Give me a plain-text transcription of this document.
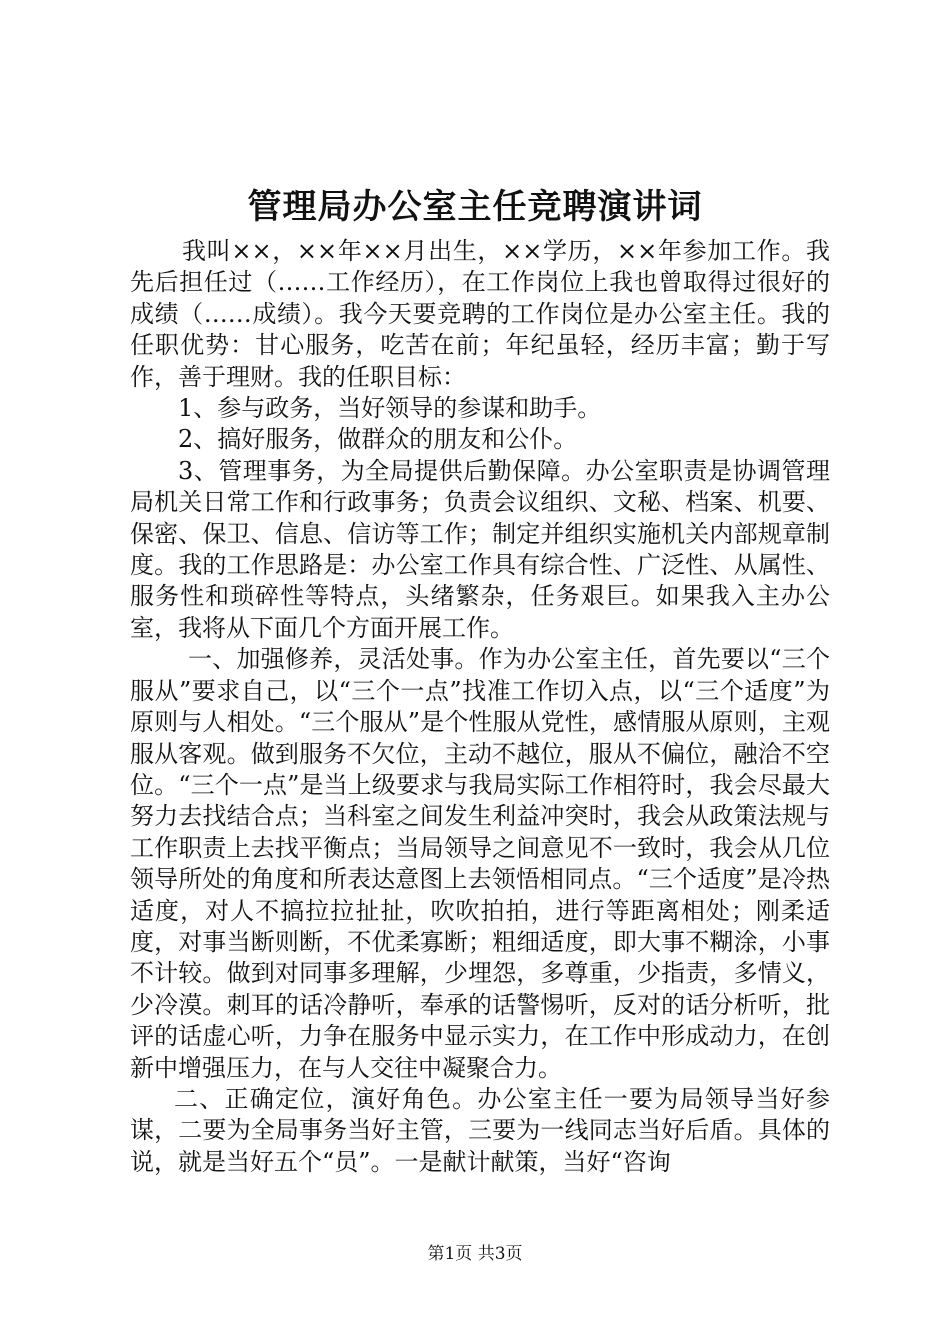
管理局办公室主任竞聘演讲词

我叫××，××年××月出生，××学历，××年参加工作。我先后担任过（……工作经历），在工作岗位上我也曾取得过很好的成绩（……成绩）。我今天要竞聘的工作岗位是办公室主任。我的任职优势：甘心服务，吃苦在前；年纪虽轻，经历丰富；勤于写作，善于理财。我的任职目标：

1、参与政务，当好领导的参谋和助手。

2、搞好服务，做群众的朋友和公仆。

3、管理事务，为全局提供后勤保障。办公室职责是协调管理局机关日常工作和行政事务；负责会议组织、文秘、档案、机要、保密、保卫、信息、信访等工作；制定并组织实施机关内部规章制度。我的工作思路是：办公室工作具有综合性、广泛性、从属性、服务性和琐碎性等特点，头绪繁杂，任务艰巨。如果我入主办公室，我将从下面几个方面开展工作。

一、加强修养，灵活处事。作为办公室主任，首先要以“三个服从”要求自己，以“三个一点”找准工作切入点，以“三个适度”为原则与人相处。“三个服从”是个性服从党性，感情服从原则，主观服从客观。做到服务不欠位，主动不越位，服从不偏位，融洽不空位。“三个一点”是当上级要求与我局实际工作相符时，我会尽最大努力去找结合点；当科室之间发生利益冲突时，我会从政策法规与工作职责上去找平衡点；当局领导之间意见不一致时，我会从几位领导所处的角度和所表达意图上去领悟相同点。“三个适度”是冷热适度，对人不搞拉拉扯扯，吹吹拍拍，进行等距离相处；刚柔适度，对事当断则断，不优柔寡断；粗细适度，即大事不糊涂，小事不计较。做到对同事多理解，少埋怨，多尊重，少指责，多情义，少冷漠。刺耳的话冷静听，奉承的话警惕听，反对的话分析听，批评的话虚心听，力争在服务中显示实力，在工作中形成动力，在创新中增强压力，在与人交往中凝聚合力。

二、正确定位，演好角色。办公室主任一要为局领导当好参谋，二要为全局事务当好主管，三要为一线同志当好后盾。具体的说，就是当好五个“员”。一是献计献策，当好“咨询

第1页 共3页
